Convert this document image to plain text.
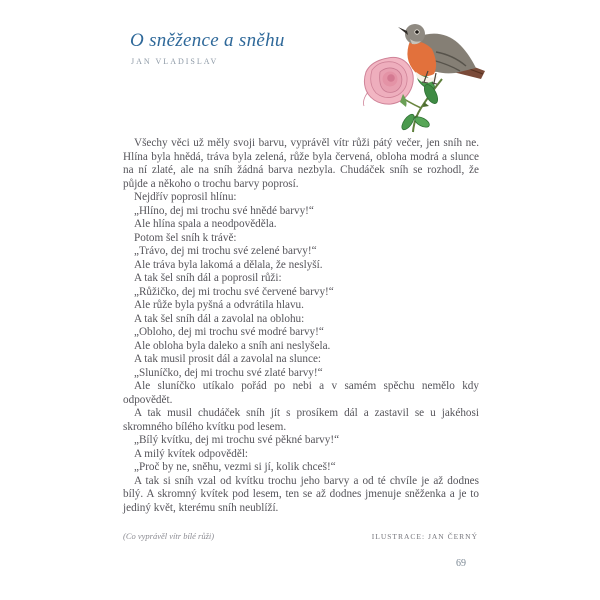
O sněžence a sněhu
JAN VLADISLAV

Všechy věci už měly svoji barvu, vyprávěl vítr růži pátý večer, jen sníh ne. Hlína byla hnědá, tráva byla zelená, růže byla červená, obloha modrá a slunce na ní zlaté, ale na sníh žádná barva nezbyla. Chudáček sníh se rozhodl, že půjde a někoho o trochu barvy poprosí.

Nejdřív poprosil hlínu:

„Hlíno, dej mi trochu své hnědé barvy!“

Ale hlína spala a neodpověděla.

Potom šel sníh k trávě:

„Trávo, dej mi trochu své zelené barvy!“

Ale tráva byla lakomá a dělala, že neslyší.

A tak šel sníh dál a poprosil růži:

„Růžičko, dej mi trochu své červené barvy!“

Ale růže byla pyšná a odvrátila hlavu.

A tak šel sníh dál a zavolal na oblohu:

„Obloho, dej mi trochu své modré barvy!“

Ale obloha byla daleko a sníh ani neslyšela.

A tak musil prosit dál a zavolal na slunce:

„Sluníčko, dej mi trochu své zlaté barvy!“

Ale sluníčko utíkalo pořád po nebi a v samém spěchu nemělo kdy odpovědět.

A tak musil chudáček sníh jít s prosíkem dál a zastavil se u jakéhosi skromného bílého kvítku pod lesem.

„Bílý kvítku, dej mi trochu své pěkné barvy!“

A milý kvítek odpověděl:

„Proč by ne, sněhu, vezmi si jí, kolik chceš!“

A tak si sníh vzal od kvítku trochu jeho barvy a od té chvíle je až dodnes bílý. A skromný kvítek pod lesem, ten se až dodnes jmenuje sněženka a je to jediný květ, kterému sníh neublíží.

(Co vyprávěl vítr bílé růži)	ILUSTRACE: JAN ČERNÝ
69
